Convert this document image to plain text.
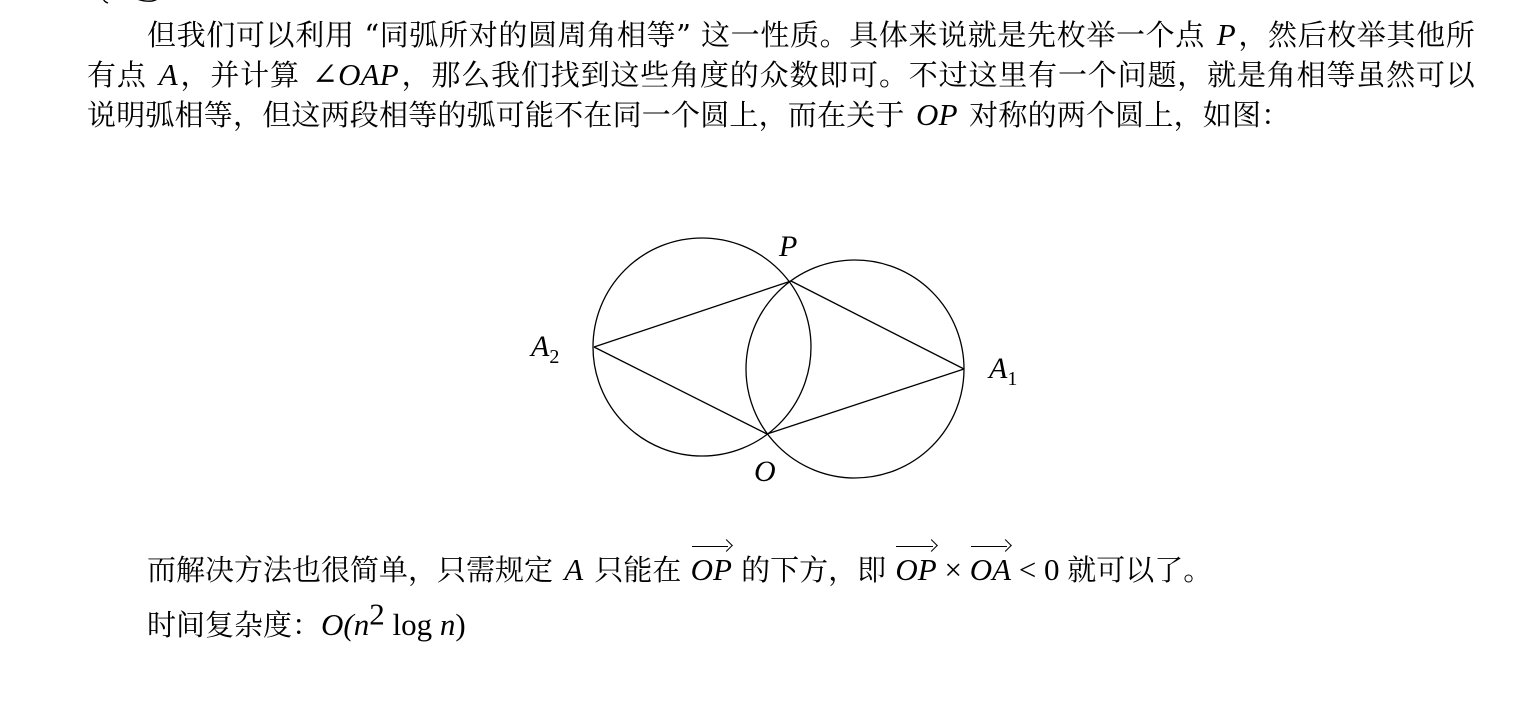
但我们可以利用 “同弧所对的圆周角相等” 这一性质。具体来说就是先枚举一个点 P，然后枚举其他所有点 A，并计算 ∠OAP，那么我们找到这些角度的众数即可。不过这里有一个问题，就是角相等虽然可以说明弧相等，但这两段相等的弧可能不在同一个圆上，而在关于 OP 对称的两个圆上，如图：
P
O
$A_2$	$A_1$
而解决方法也很简单，只需规定 A 只能在 OP 的下方，即 OP × OA < 0 就可以了。
时间复杂度：$O(n^2$ log n)
